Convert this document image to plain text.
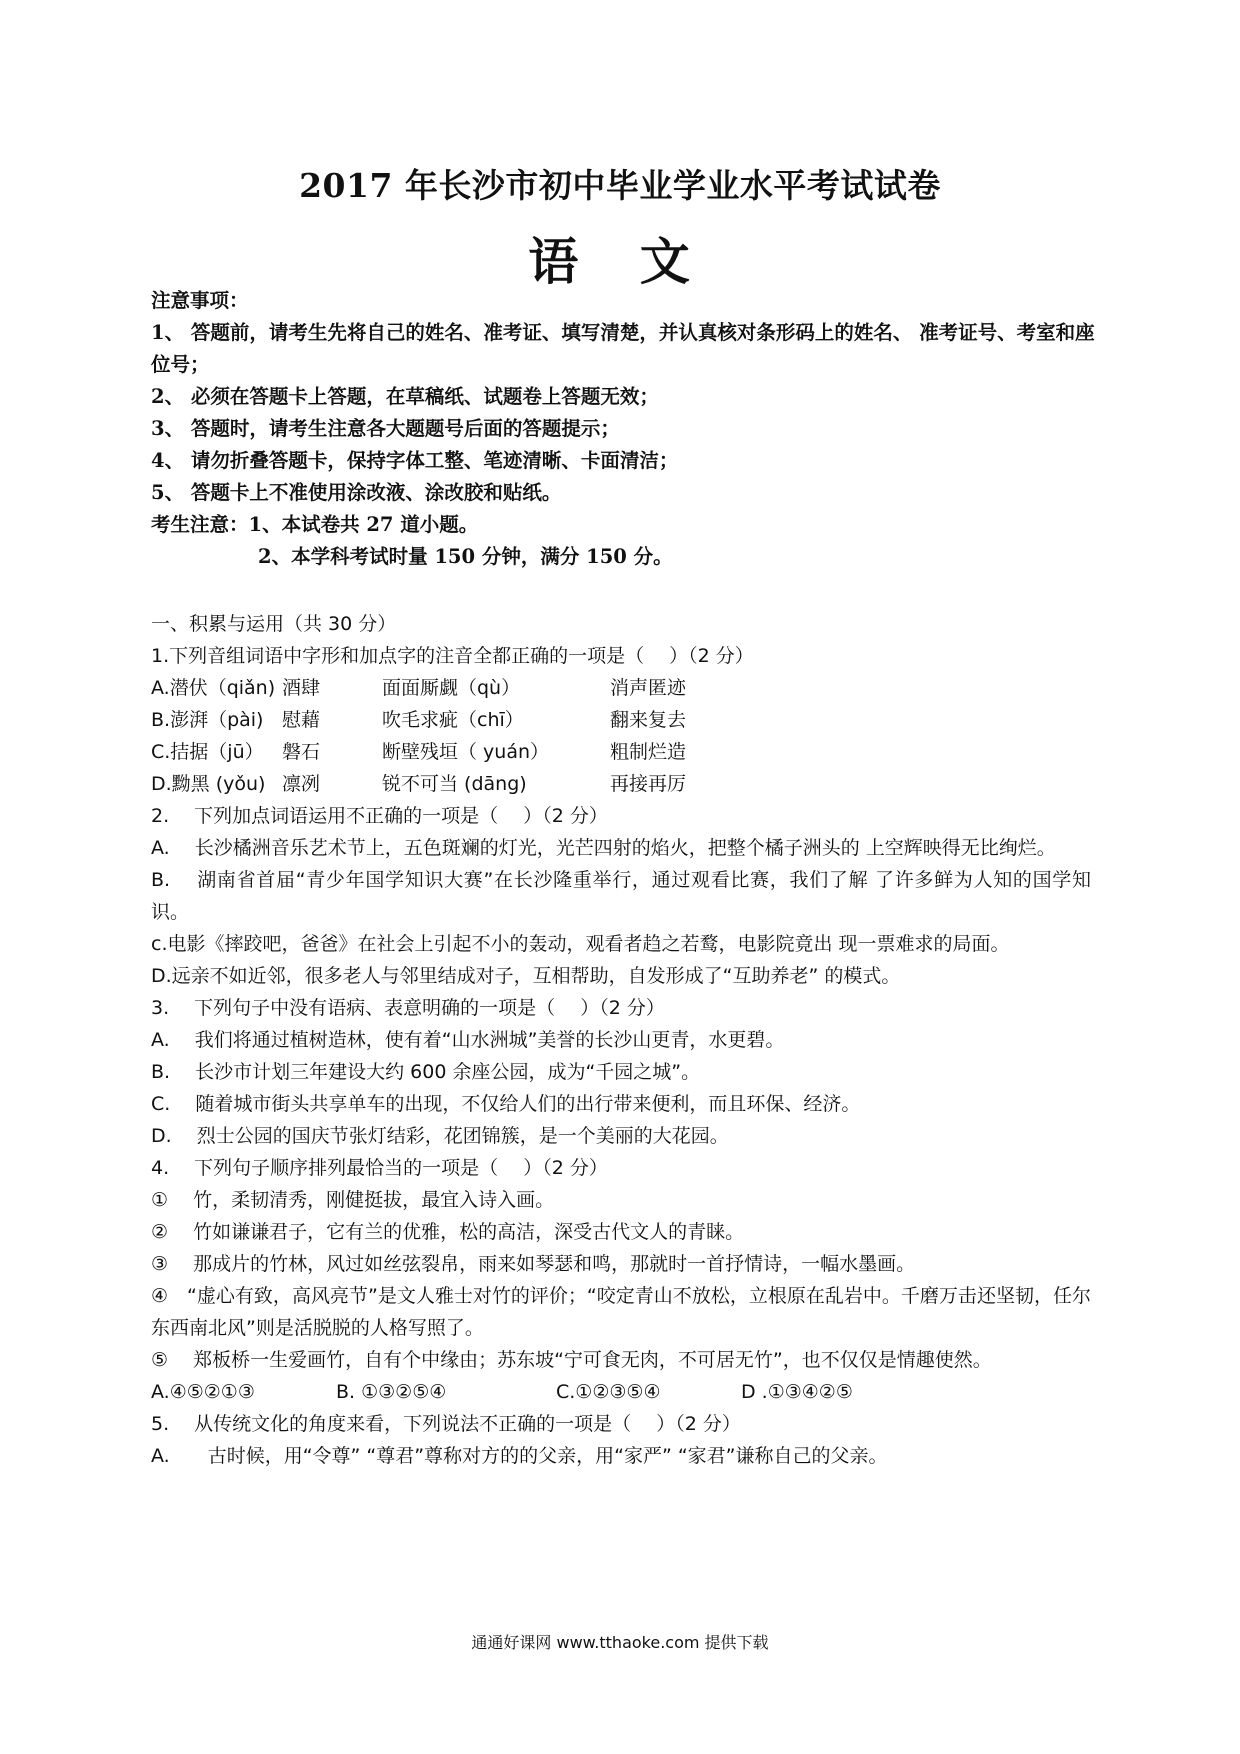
2017 年长沙市初中毕业学业水平考试试卷
语 文
注意事项：
1、 答题前，请考生先将自己的姓名、准考证、填写清楚，并认真核对条形码上的姓名、 准考证号、考室和座位号；
2、 必须在答题卡上答题，在草稿纸、试题卷上答题无效；
3、 答题时，请考生注意各大题题号后面的答题提示；
4、 请勿折叠答题卡，保持字体工整、笔迹清晰、卡面清洁；
5、 答题卡上不准使用涂改液、涂改胶和贴纸。
考生注意：1、本试卷共 27 道小题。
2、本学科考试时量 150 分钟，满分 150 分。
一、积累与运用（共 30 分）
1.下列音组词语中字形和加点字的注音全都正确的一项是（　 ）（2 分）
A.潜伏（qiǎn) 酒肆	面面厮觑（qù）	消声匿迹
B.澎湃（pài) 慰藉	吹毛求疵（chī）	翻来复去
C.拮据（jū） 磐石	断壁残垣（ yuán）	粗制烂造
D.黝黑 (yǒu) 凛冽	锐不可当 (dāng)	再接再厉
2.　 下列加点词语运用不正确的一项是（　 ）（2 分）
A.　 长沙橘洲音乐艺术节上，五色斑斓的灯光，光芒四射的焰火，把整个橘子洲头的 上空辉映得无比绚烂。
B.　 湖南省首届“青少年国学知识大赛”在长沙隆重举行，通过观看比赛，我们了解 了许多鲜为人知的国学知识。
c.电影《摔跤吧，爸爸》在社会上引起不小的轰动，观看者趋之若鹜，电影院竟出 现一票难求的局面。
D.远亲不如近邻，很多老人与邻里结成对子，互相帮助，自发形成了“互助养老” 的模式。
3.　 下列句子中没有语病、表意明确的一项是（　 ）（2 分）
A.　 我们将通过植树造林，使有着“山水洲城”美誉的长沙山更青，水更碧。
B.　 长沙市计划三年建设大约 600 余座公园，成为“千园之城”。
C.　 随着城市街头共享单车的出现，不仅给人们的出行带来便利，而且环保、经济。
D.　 烈士公园的国庆节张灯结彩，花团锦簇，是一个美丽的大花园。
4.　 下列句子顺序排列最恰当的一项是（　 ）（2 分）
①　 竹，柔韧清秀，刚健挺拔，最宜入诗入画。
②　 竹如谦谦君子，它有兰的优雅，松的高洁，深受古代文人的青睐。
③　 那成片的竹林，风过如丝弦裂帛，雨来如琴瑟和鸣，那就时一首抒情诗，一幅水墨画。
④　“虚心有致，高风亮节”是文人雅士对竹的评价；“咬定青山不放松，立根原在乱岩中。千磨万击还坚韧，任尔东西南北风”则是活脱脱的人格写照了。
⑤　 郑板桥一生爱画竹，自有个中缘由；苏东坡“宁可食无肉，不可居无竹”，也不仅仅是情趣使然。
A.④⑤②①③	B. ①③②⑤④	C.①②③⑤④	D .①③④②⑤
5.　 从传统文化的角度来看，下列说法不正确的一项是（　 ）（2 分）
A.　　古时候，用“令尊” “尊君”尊称对方的的父亲，用“家严” “家君”谦称自己的父亲。
通通好课网 www.tthaoke.com 提供下载
